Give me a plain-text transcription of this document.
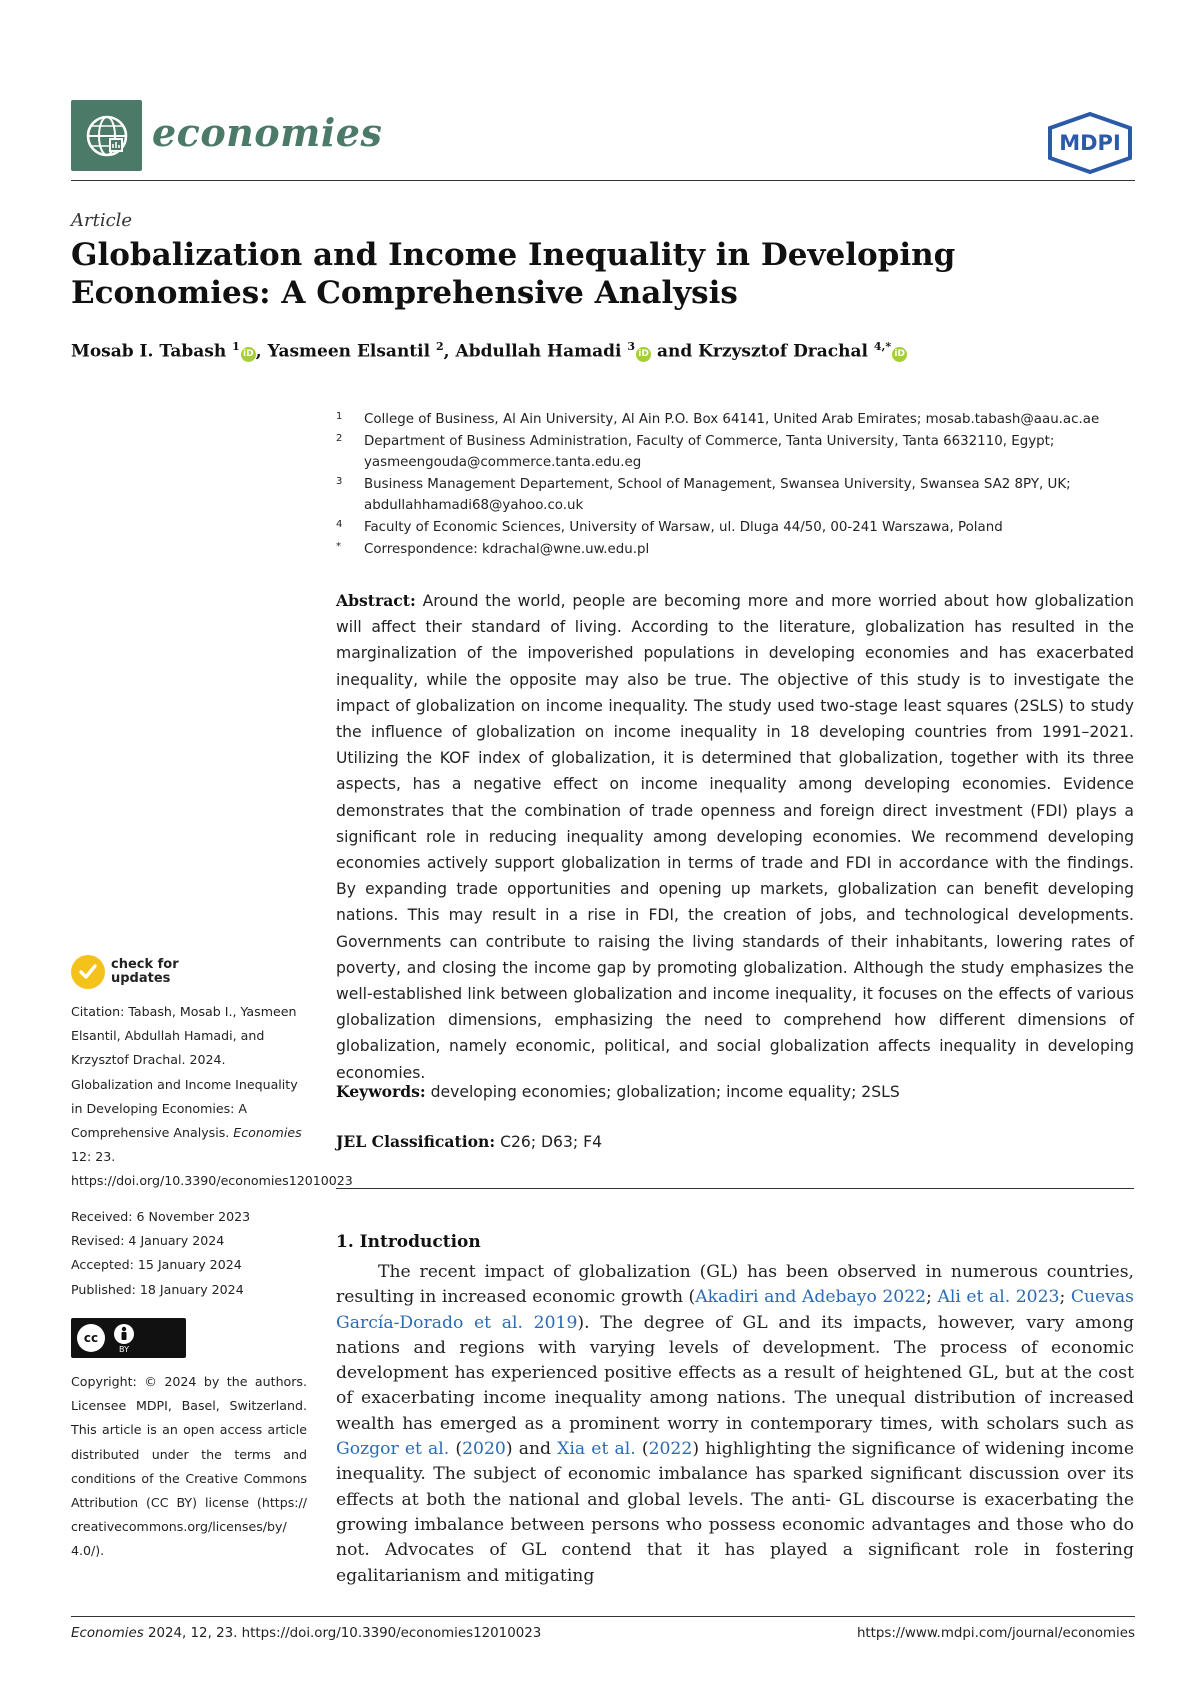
economies	MDPI
Article
Globalization and Income Inequality in Developing Economies: A Comprehensive Analysis
Mosab I. Tabash $^1$iD , Yasmeen Elsantil $^2$, Abdullah Hamadi $^3$iD and Krzysztof Drachal $^{4,*}$iD
1	College of Business, Al Ain University, Al Ain P.O. Box 64141, United Arab Emirates; mosab.tabash@aau.ac.ae
2	Department of Business Administration, Faculty of Commerce, Tanta University, Tanta 6632110, Egypt;
yasmeengouda@commerce.tanta.edu.eg
3	Business Management Departement, School of Management, Swansea University, Swansea SA2 8PY, UK;
abdullahhamadi68@yahoo.co.uk
4	Faculty of Economic Sciences, University of Warsaw, ul. Dluga 44/50, 00-241 Warszawa, Poland
*	Correspondence: kdrachal@wne.uw.edu.pl
Abstract: Around the world, people are becoming more and more worried about how globalization will affect their standard of living. According to the literature, globalization has resulted in the marginalization of the impoverished populations in developing economies and has exacerbated inequality, while the opposite may also be true. The objective of this study is to investigate the impact of globalization on income inequality. The study used two-stage least squares (2SLS) to study the influence of globalization on income inequality in 18 developing countries from 1991–2021. Utilizing the KOF index of globalization, it is determined that globalization, together with its three aspects, has a negative effect on income inequality among developing economies. Evidence demonstrates that the combination of trade openness and foreign direct investment (FDI) plays a significant role in reducing inequality among developing economies. We recommend developing economies actively support globalization in terms of trade and FDI in accordance with the findings. By expanding trade opportunities and opening up markets, globalization can benefit developing nations. This may result in a rise in FDI, the creation of jobs, and technological developments. Governments can contribute to raising the living standards of their inhabitants, lowering rates of poverty, and closing the income gap by promoting globalization. Although the study emphasizes the well-established link between globalization and income inequality, it focuses on the effects of various globalization dimensions, emphasizing the need to comprehend how different dimensions of globalization, namely economic, political, and social globalization affects inequality in developing economies.
Keywords: developing economies; globalization; income equality; 2SLS
JEL Classification: C26; D63; F4
1. Introduction
The recent impact of globalization (GL) has been observed in numerous countries, resulting in increased economic growth (Akadiri and Adebayo 2022; Ali et al. 2023; Cuevas García-Dorado et al. 2019). The degree of GL and its impacts, however, vary among nations and regions with varying levels of development. The process of economic development has experienced positive effects as a result of heightened GL, but at the cost of exacerbating income inequality among nations. The unequal distribution of increased wealth has emerged as a prominent worry in contemporary times, with scholars such as Gozgor et al. (2020) and Xia et al. (2022) highlighting the significance of widening income inequality. The subject of economic imbalance has sparked significant discussion over its effects at both the national and global levels. The anti- GL discourse is exacerbating the growing imbalance between persons who possess economic advantages and those who do not. Advocates of GL contend that it has played a significant role in fostering egalitarianism and mitigating
check for
updates
Citation: Tabash, Mosab I., Yasmeen Elsantil, Abdullah Hamadi, and Krzysztof Drachal. 2024. Globalization and Income Inequality in Developing Economies: A Comprehensive Analysis. Economies 12: 23. https://doi.org/10.3390/economies12010023
Received: 6 November 2023
Revised: 4 January 2024
Accepted: 15 January 2024
Published: 18 January 2024
cc
BY
Copyright: © 2024 by the authors. Licensee MDPI, Basel, Switzerland. This article is an open access article distributed under the terms and conditions of the Creative Commons Attribution (CC BY) license (https:// creativecommons.org/licenses/by/ 4.0/).
Economies 2024, 12, 23. https://doi.org/10.3390/economies12010023	https://www.mdpi.com/journal/economies
